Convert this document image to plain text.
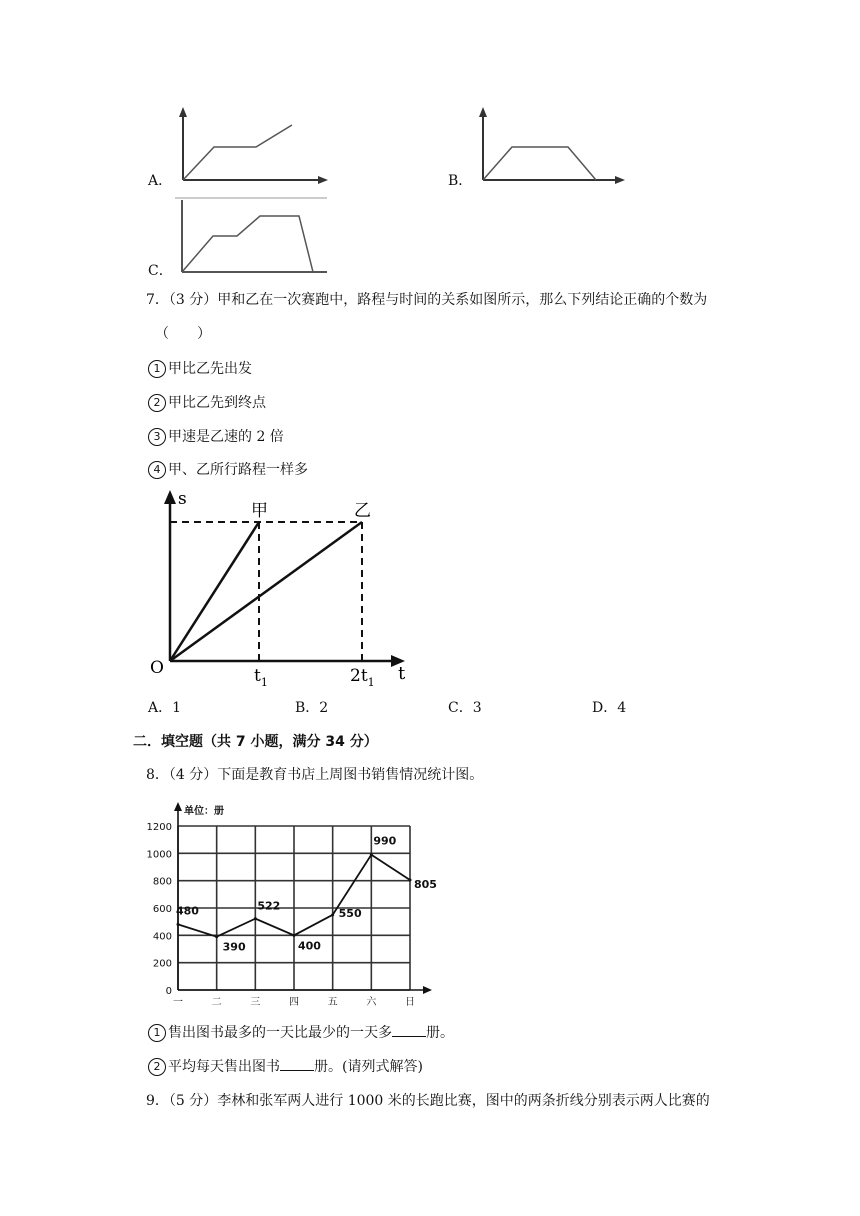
A．	B．
C．
7．（3 分）甲和乙在一次赛跑中，路程与时间的关系如图所示，那么下列结论正确的个数为
（　　）
1 甲比乙先出发
2 甲比乙先到终点
3 甲速是乙速的 2 倍
4 甲、乙所行路程一样多
s
O	t
甲	乙
$t_1$	$2t_1$
A．1	B．2	C．3	D．4
二．填空题（共 7 小题，满分 34 分）
8．（4 分）下面是教育书店上周图书销售情况统计图。
0
200
400
600
800
1000
1200
一	二	三	四	五	六	日
单位：册
480
390
522
400
550
990
805
1 售出图书最多的一天比最少的一天多 册。
2 平均每天售出图书 册。(请列式解答)
9．（5 分）李林和张军两人进行 1000 米的长跑比赛，图中的两条折线分别表示两人比赛的
